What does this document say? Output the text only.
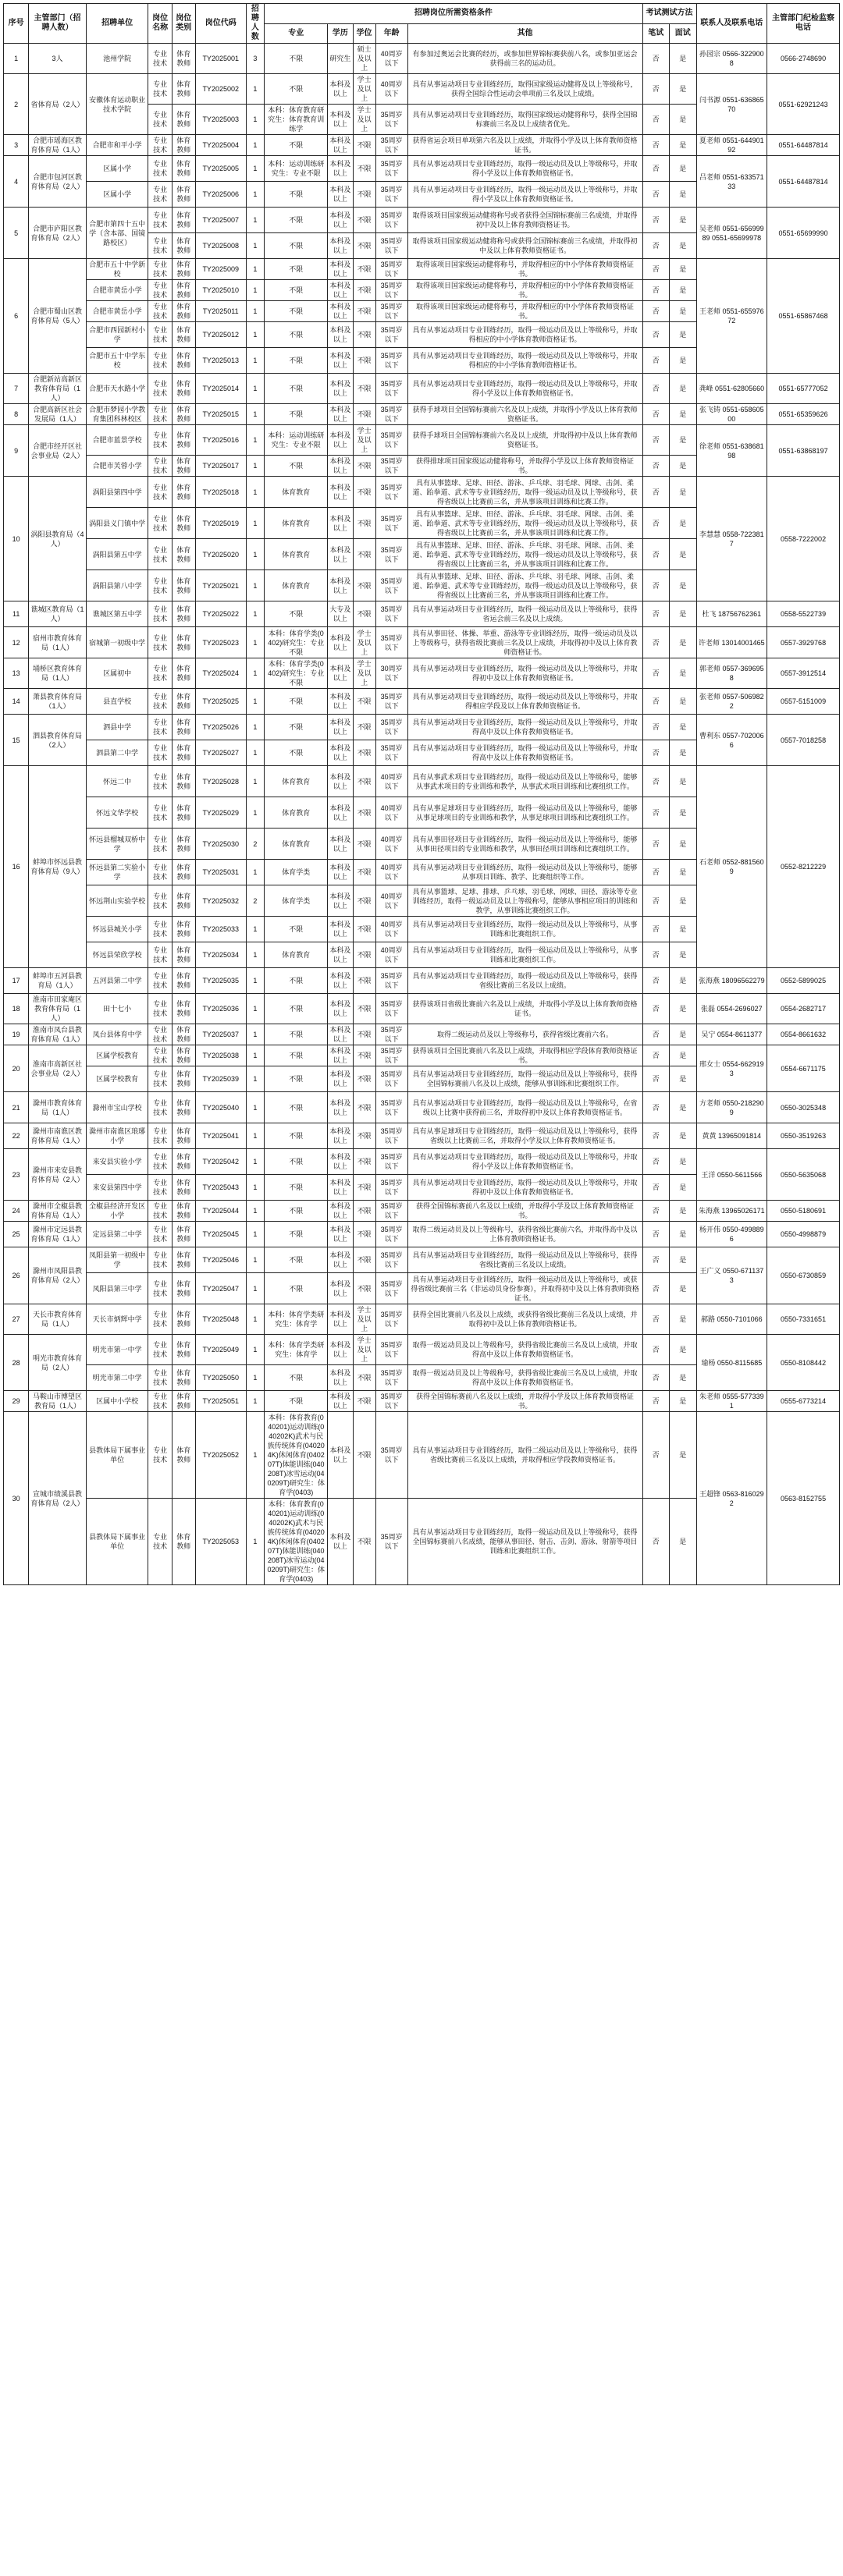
序号	主管部门（招聘人数）	招聘单位	岗位名称	岗位类别	岗位代码	招聘人数	招聘岗位所需资格条件					考试测试方法		联系人及联系电话	主管部门纪检监察电话
							专业	学历	学位	年龄	其他	笔试	面试		
1	3人	池州学院	专业技术	体育教师	TY2025001	3	不限	研究生	硕士及以上	40周岁以下	有参加过奥运会比赛的经历，或参加世界锦标赛获前八名，或参加亚运会获得前三名的运动员。	否	是	孙园宗 0566-3229008	0566-2748690
2	省体育局（2人）	安徽体育运动职业技术学院	专业技术	体育教师	TY2025002	1	不限	本科及以上	学士及以上	40周岁以下	具有从事运动项目专业训练经历，取得国家级运动健将及以上等级称号，获得全国综合性运动会单项前三名及以上成绩。	否	是	闫书源 0551-63686570	0551-62921243
			专业技术	体育教师	TY2025003	1	本科：体育教育研究生：体育教育训练学	本科及以上	学士及以上	35周岁以下	具有从事运动项目专业训练经历，取得国家级运动健将称号，获得全国锦标赛前三名及以上成绩者优先。	否	是		
3	合肥市瑶海区教育体育局（1人）	合肥市和平小学	专业技术	体育教师	TY2025004	1	不限	本科及以上	不限	35周岁以下	获得省运会项目单项第六名及以上成绩，并取得小学及以上体育教师资格证书。	否	是	夏老师 0551-64490192	0551-64487814
4	合肥市包河区教育体育局（2人）	区属小学	专业技术	体育教师	TY2025005	1	本科：运动训练研究生：专业不限	本科及以上	不限	35周岁以下	具有从事运动项目专业训练经历，取得一级运动员及以上等级称号，并取得小学及以上体育教师资格证书。	否	是	吕老师 0551-63357133	0551-64487814
		区属小学	专业技术	体育教师	TY2025006	1	不限	本科及以上	不限	35周岁以下	具有从事运动项目专业训练经历，取得一级运动员及以上等级称号，并取得小学及以上体育教师资格证书。	否	是		
5	合肥市庐阳区教育体育局（2人）	合肥市第四十五中学（含本部、国镜路校区）	专业技术	体育教师	TY2025007	1	不限	本科及以上	不限	35周岁以下	取得该项目国家级运动健将称号或者获得全国锦标赛前三名成绩，并取得初中及以上体育教师资格证书。	否	是	吴老师 0551-65699989 0551-65699978	0551-65699990
			专业技术	体育教师	TY2025008	1	不限	本科及以上	不限	35周岁以下	取得该项目国家级运动健将称号或获得全国锦标赛前三名成绩，并取得初中及以上体育教师资格证书。	否	是		
6	合肥市蜀山区教育体育局（5人）	合肥市五十中学新校	专业技术	体育教师	TY2025009	1	不限	本科及以上	不限	35周岁以下	取得该项目国家级运动健将称号，并取得相应的中小学体育教师资格证书。	否	是	王老师 0551-65597672	0551-65867468
		合肥市黄岳小学	专业技术	体育教师	TY2025010	1	不限	本科及以上	不限	35周岁以下	取得该项目国家级运动健将称号，并取得相应的中小学体育教师资格证书。	否	是		
		合肥市黄岳小学	专业技术	体育教师	TY2025011	1	不限	本科及以上	不限	35周岁以下	取得该项目国家级运动健将称号，并取得相应的中小学体育教师资格证书。	否	是		
		合肥市西园新村小学	专业技术	体育教师	TY2025012	1	不限	本科及以上	不限	35周岁以下	具有从事运动项目专业训练经历，取得一级运动员及以上等级称号，并取得相应的中小学体育教师资格证书。	否	是		
		合肥市五十中学东校	专业技术	体育教师	TY2025013	1	不限	本科及以上	不限	35周岁以下	具有从事运动项目专业训练经历，取得一级运动员及以上等级称号，并取得相应的中小学体育教师资格证书。	否	是		
7	合肥新站高新区教育体育局（1人）	合肥市天水路小学	专业技术	体育教师	TY2025014	1	不限	本科及以上	不限	35周岁以下	具有从事运动项目专业训练经历，取得一级运动员及以上等级称号，并取得小学及以上体育教师资格证书。	否	是	龚峰 0551-62805660	0551-65777052
8	合肥高新区社会发展局（1人）	合肥市梦园小学教育集团科林校区	专业技术	体育教师	TY2025015	1	不限	本科及以上	不限	35周岁以下	获得手球项目全国锦标赛前六名及以上成绩，并取得小学及以上体育教师资格证书。	否	是	张飞铸 0551-65860500	0551-65359626
9	合肥市经开区社会事业局（2人）	合肥市蓝景学校	专业技术	体育教师	TY2025016	1	本科：运动训练研究生：专业不限	本科及以上	学士及以上	35周岁以下	获得手球项目全国锦标赛前六名及以上成绩，并取得初中及以上体育教师资格证书。	否	是	徐老师 0551-63868198	0551-63868197
		合肥市芙蓉小学	专业技术	体育教师	TY2025017	1	不限	本科及以上	不限	35周岁以下	获得排球项目国家级运动健将称号，并取得小学及以上体育教师资格证书。	否	是		
10	涡阳县教育局（4人）	涡阳县第四中学	专业技术	体育教师	TY2025018	1	体育教育	本科及以上	不限	35周岁以下	具有从事篮球、足球、田径、游泳、乒乓球、羽毛球、网球、击剑、柔道、跆拳道、武术等专业训练经历，取得一级运动员及以上等级称号，获得省级以上比赛前三名，并从事该项目训练和比赛工作。	否	是	李慧慧 0558-7223817	0558-7222002
		涡阳县义门镇中学	专业技术	体育教师	TY2025019	1	体育教育	本科及以上	不限	35周岁以下	具有从事篮球、足球、田径、游泳、乒乓球、羽毛球、网球、击剑、柔道、跆拳道、武术等专业训练经历，取得一级运动员及以上等级称号，获得省级以上比赛前三名，并从事该项目训练和比赛工作。	否	是		
		涡阳县第五中学	专业技术	体育教师	TY2025020	1	体育教育	本科及以上	不限	35周岁以下	具有从事篮球、足球、田径、游泳、乒乓球、羽毛球、网球、击剑、柔道、跆拳道、武术等专业训练经历，取得一级运动员及以上等级称号，获得省级以上比赛前三名，并从事该项目训练和比赛工作。	否	是		
		涡阳县第八中学	专业技术	体育教师	TY2025021	1	体育教育	本科及以上	不限	35周岁以下	具有从事篮球、足球、田径、游泳、乒乓球、羽毛球、网球、击剑、柔道、跆拳道、武术等专业训练经历，取得一级运动员及以上等级称号，获得省级以上比赛前三名，并从事该项目训练和比赛工作。	否	是		
11	谯城区教育局（1人）	谯城区第五中学	专业技术	体育教师	TY2025022	1	不限	大专及以上	不限	35周岁以下	具有从事运动项目专业训练经历，取得一级运动员及以上等级称号，获得省运会前三名及以上成绩。	否	是	杜飞 18756762361	0558-5522739
12	宿州市教育体育局（1人）	宿城第一初级中学	专业技术	体育教师	TY2025023	1	本科：体育学类(0402)研究生：专业不限	本科及以上	学士及以上	35周岁以下	具有从事田径、体操、举重、游泳等专业训练经历，取得一级运动员及以上等级称号，获得省级比赛前三名及以上成绩，并取得初中及以上体育教师资格证书。	否	是	许老师 13014001465	0557-3929768
13	埇桥区教育体育局（1人）	区属初中	专业技术	体育教师	TY2025024	1	本科：体育学类(0402)研究生：专业不限	本科及以上	学士及以上	30周岁以下	具有从事运动项目专业训练经历，取得一级运动员及以上等级称号，并取得初中及以上体育教师资格证书。	否	是	郭老师 0557-3696958	0557-3912514
14	萧县教育体育局（1人）	县直学校	专业技术	体育教师	TY2025025	1	不限	本科及以上	不限	35周岁以下	具有从事运动项目专业训练经历，取得一级运动员及以上等级称号，并取得相应学段及以上体育教师资格证书。	否	是	张老师 0557-5069822	0557-5151009
15	泗县教育体育局（2人）	泗县中学	专业技术	体育教师	TY2025026	1	不限	本科及以上	不限	35周岁以下	具有从事运动项目专业训练经历，取得一级运动员及以上等级称号，并取得高中及以上体育教师资格证书。	否	是	曹利东 0557-7020066	0557-7018258
		泗县第二中学	专业技术	体育教师	TY2025027	1	不限	本科及以上	不限	35周岁以下	具有从事运动项目专业训练经历，取得一级运动员及以上等级称号，并取得高中及以上体育教师资格证书。	否	是		
16	蚌埠市怀远县教育体育局（9人）	怀远二中	专业技术	体育教师	TY2025028	1	体育教育	本科及以上	不限	40周岁以下	具有从事武术项目专业训练经历，取得一级运动员及以上等级称号，能够从事武术项目的专业训练和教学，从事武术项目训练和比赛组织工作。	否	是	石老师 0552-8815609	0552-8212229
		怀远文华学校	专业技术	体育教师	TY2025029	1	体育教育	本科及以上	不限	40周岁以下	具有从事足球项目专业训练经历，取得一级运动员及以上等级称号，能够从事足球项目的专业训练和教学，从事足球项目训练和比赛组织工作。	否	是		
		怀远县榴城双桥中学	专业技术	体育教师	TY2025030	2	体育教育	本科及以上	不限	40周岁以下	具有从事田径项目专业训练经历，取得一级运动员及以上等级称号，能够从事田径项目的专业训练和教学，从事田径项目训练和比赛组织工作。	否	是		
		怀远县第二实验小学	专业技术	体育教师	TY2025031	1	体育学类	本科及以上	不限	40周岁以下	具有从事运动项目专业训练经历，取得一级运动员及以上等级称号，能够从事项目训练、教学、比赛组织等工作。	否	是		
		怀远荆山实验学校	专业技术	体育教师	TY2025032	2	体育学类	本科及以上	不限	40周岁以下	具有从事篮球、足球、排球、乒乓球、羽毛球、网球、田径、游泳等专业训练经历，取得一级运动员及以上等级称号，能够从事相应项目的训练和教学，从事训练比赛组织工作。	否	是		
		怀远县城关小学	专业技术	体育教师	TY2025033	1	不限	本科及以上	不限	40周岁以下	具有从事运动项目专业训练经历，取得一级运动员及以上等级称号，从事训练和比赛组织工作。	否	是		
		怀远县荣欣学校	专业技术	体育教师	TY2025034	1	体育教育	本科及以上	不限	40周岁以下	具有从事运动项目专业训练经历，取得一级运动员及以上等级称号，从事训练和比赛组织工作。	否	是		
17	蚌埠市五河县教育局（1人）	五河县第二中学	专业技术	体育教师	TY2025035	1	不限	本科及以上	不限	35周岁以下	具有从事运动项目专业训练经历，取得一级运动员及以上等级称号，获得省级比赛前三名及以上成绩。	否	是	张海燕 18096562279	0552-5899025
18	淮南市田家庵区教育体育局（1人）	田十七小	专业技术	体育教师	TY2025036	1	不限	本科及以上	不限	35周岁以下	获得该项目省级比赛前六名及以上成绩，并取得小学及以上体育教师资格证书。	否	是	张磊 0554-2696027	0554-2682717
19	淮南市凤台县教育体育局（1人）	凤台县体育中学	专业技术	体育教师	TY2025037	1	不限	本科及以上	不限	35周岁以下	取得二级运动员及以上等级称号，获得省级比赛前六名。	否	是	吴宁 0554-8611377	0554-8661632
20	淮南市高新区社会事业局（2人）	区属学校教育	专业技术	体育教师	TY2025038	1	不限	本科及以上	不限	35周岁以下	获得该项目全国比赛前八名及以上成绩，并取得相应学段体育教师资格证书。	否	是	邢女士 0554-6629193	0554-6671175
		区属学校教育	专业技术	体育教师	TY2025039	1	不限	本科及以上	不限	35周岁以下	具有从事运动项目专业训练经历，取得一级运动员及以上等级称号，获得全国锦标赛前八名及以上成绩，能够从事训练和比赛组织工作。	否	是		
21	滁州市教育体育局（1人）	滁州市宝山学校	专业技术	体育教师	TY2025040	1	不限	本科及以上	不限	35周岁以下	具有从事运动项目专业训练经历，取得一级运动员及以上等级称号，在省级以上比赛中获得前三名，并取得初中及以上体育教师资格证书。	否	是	方老师 0550-2182909	0550-3025348
22	滁州市南谯区教育体育局（1人）	滁州市南谯区琅琊小学	专业技术	体育教师	TY2025041	1	不限	本科及以上	不限	35周岁以下	具有从事足球项目专业训练经历，取得一级运动员及以上等级称号，获得省级以上比赛前三名，并取得小学及以上体育教师资格证书。	否	是	黄黄 13965091814	0550-3519263
23	滁州市来安县教育体育局（2人）	来安县实验小学	专业技术	体育教师	TY2025042	1	不限	本科及以上	不限	35周岁以下	具有从事运动项目专业训练经历，取得一级运动员及以上等级称号，并取得小学及以上体育教师资格证书。	否	是	王洋 0550-5611566	0550-5635068
		来安县第四中学	专业技术	体育教师	TY2025043	1	不限	本科及以上	不限	35周岁以下	具有从事运动项目专业训练经历，取得一级运动员及以上等级称号，并取得初中及以上体育教师资格证书。	否	是		
24	滁州市全椒县教育体育局（1人）	全椒县经济开发区小学	专业技术	体育教师	TY2025044	1	不限	本科及以上	不限	35周岁以下	获得全国锦标赛前八名及以上成绩，并取得小学及以上体育教师资格证书。	否	是	朱海燕 13965026171	0550-5180691
25	滁州市定远县教育体育局（1人）	定远县第二中学	专业技术	体育教师	TY2025045	1	不限	本科及以上	不限	35周岁以下	取得二级运动员及以上等级称号，获得省级比赛前六名，并取得高中及以上体育教师资格证书。	否	是	杨开伟 0550-4998896	0550-4998879
26	滁州市凤阳县教育体育局（2人）	凤阳县第一初级中学	专业技术	体育教师	TY2025046	1	不限	本科及以上	不限	35周岁以下	具有从事运动项目专业训练经历，取得一级运动员及以上等级称号，获得省级比赛前三名及以上成绩。	否	是	王广义 0550-6711373	0550-6730859
		凤阳县第三中学	专业技术	体育教师	TY2025047	1	不限	本科及以上	不限	35周岁以下	具有从事运动项目专业训练经历，取得一级运动员及以上等级称号，或获得省级比赛前三名（非运动员身份参赛），并取得初中及以上体育教师资格证书。	否	是		
27	天长市教育体育局（1人）	天长市炳辉中学	专业技术	体育教师	TY2025048	1	本科：体育学类研究生：体育学	本科及以上	学士及以上	35周岁以下	获得全国比赛前八名及以上成绩，或获得省级比赛前三名及以上成绩，并取得初中及以上体育教师资格证书。	否	是	郝路 0550-7101066	0550-7331651
28	明光市教育体育局（2人）	明光市第一中学	专业技术	体育教师	TY2025049	1	本科：体育学类研究生：体育学	本科及以上	学士及以上	35周岁以下	取得一级运动员及以上等级称号，获得省级比赛前三名及以上成绩，并取得高中及以上体育教师资格证书。	否	是	瑜杨 0550-8115685	0550-8108442
		明光市第二中学	专业技术	体育教师	TY2025050	1	不限	本科及以上	不限	35周岁以下	取得一级运动员及以上等级称号，获得省级比赛前三名及以上成绩，并取得高中及以上体育教师资格证书。	否	是		
29	马鞍山市博望区教育局（1人）	区属中小学校	专业技术	体育教师	TY2025051	1	不限	本科及以上	不限	35周岁以下	获得全国锦标赛前八名及以上成绩，并取得小学及以上体育教师资格证书。	否	是	朱老师 0555-5773391	0555-6773214
30	宣城市绩溪县教育体育局（2人）	县教体局下属事业单位	专业技术	体育教师	TY2025052	1	本科：体育教育(040201)运动训练(040202K)武术与民族传统体育(040204K)休闲体育(040207T)体能训练(040208T)冰雪运动(040209T)研究生：体育学(0403)	本科及以上	不限	35周岁以下	具有从事运动项目专业训练经历，取得二级运动员及以上等级称号，获得省级比赛前三名及以上成绩，并取得相应学段教师资格证书。	否	是	王超锋 0563-8160292	0563-8152755
		县教体局下属事业单位	专业技术	体育教师	TY2025053	1	本科：体育教育(040201)运动训练(040202K)武术与民族传统体育(040204K)休闲体育(040207T)体能训练(040208T)冰雪运动(040209T)研究生：体育学(0403)	本科及以上	不限	35周岁以下	具有从事运动项目专业训练经历，取得一级运动员及以上等级称号，获得全国锦标赛前八名成绩，能够从事田径、射击、击剑、游泳、射箭等项目训练和比赛组织工作。	否	是		
